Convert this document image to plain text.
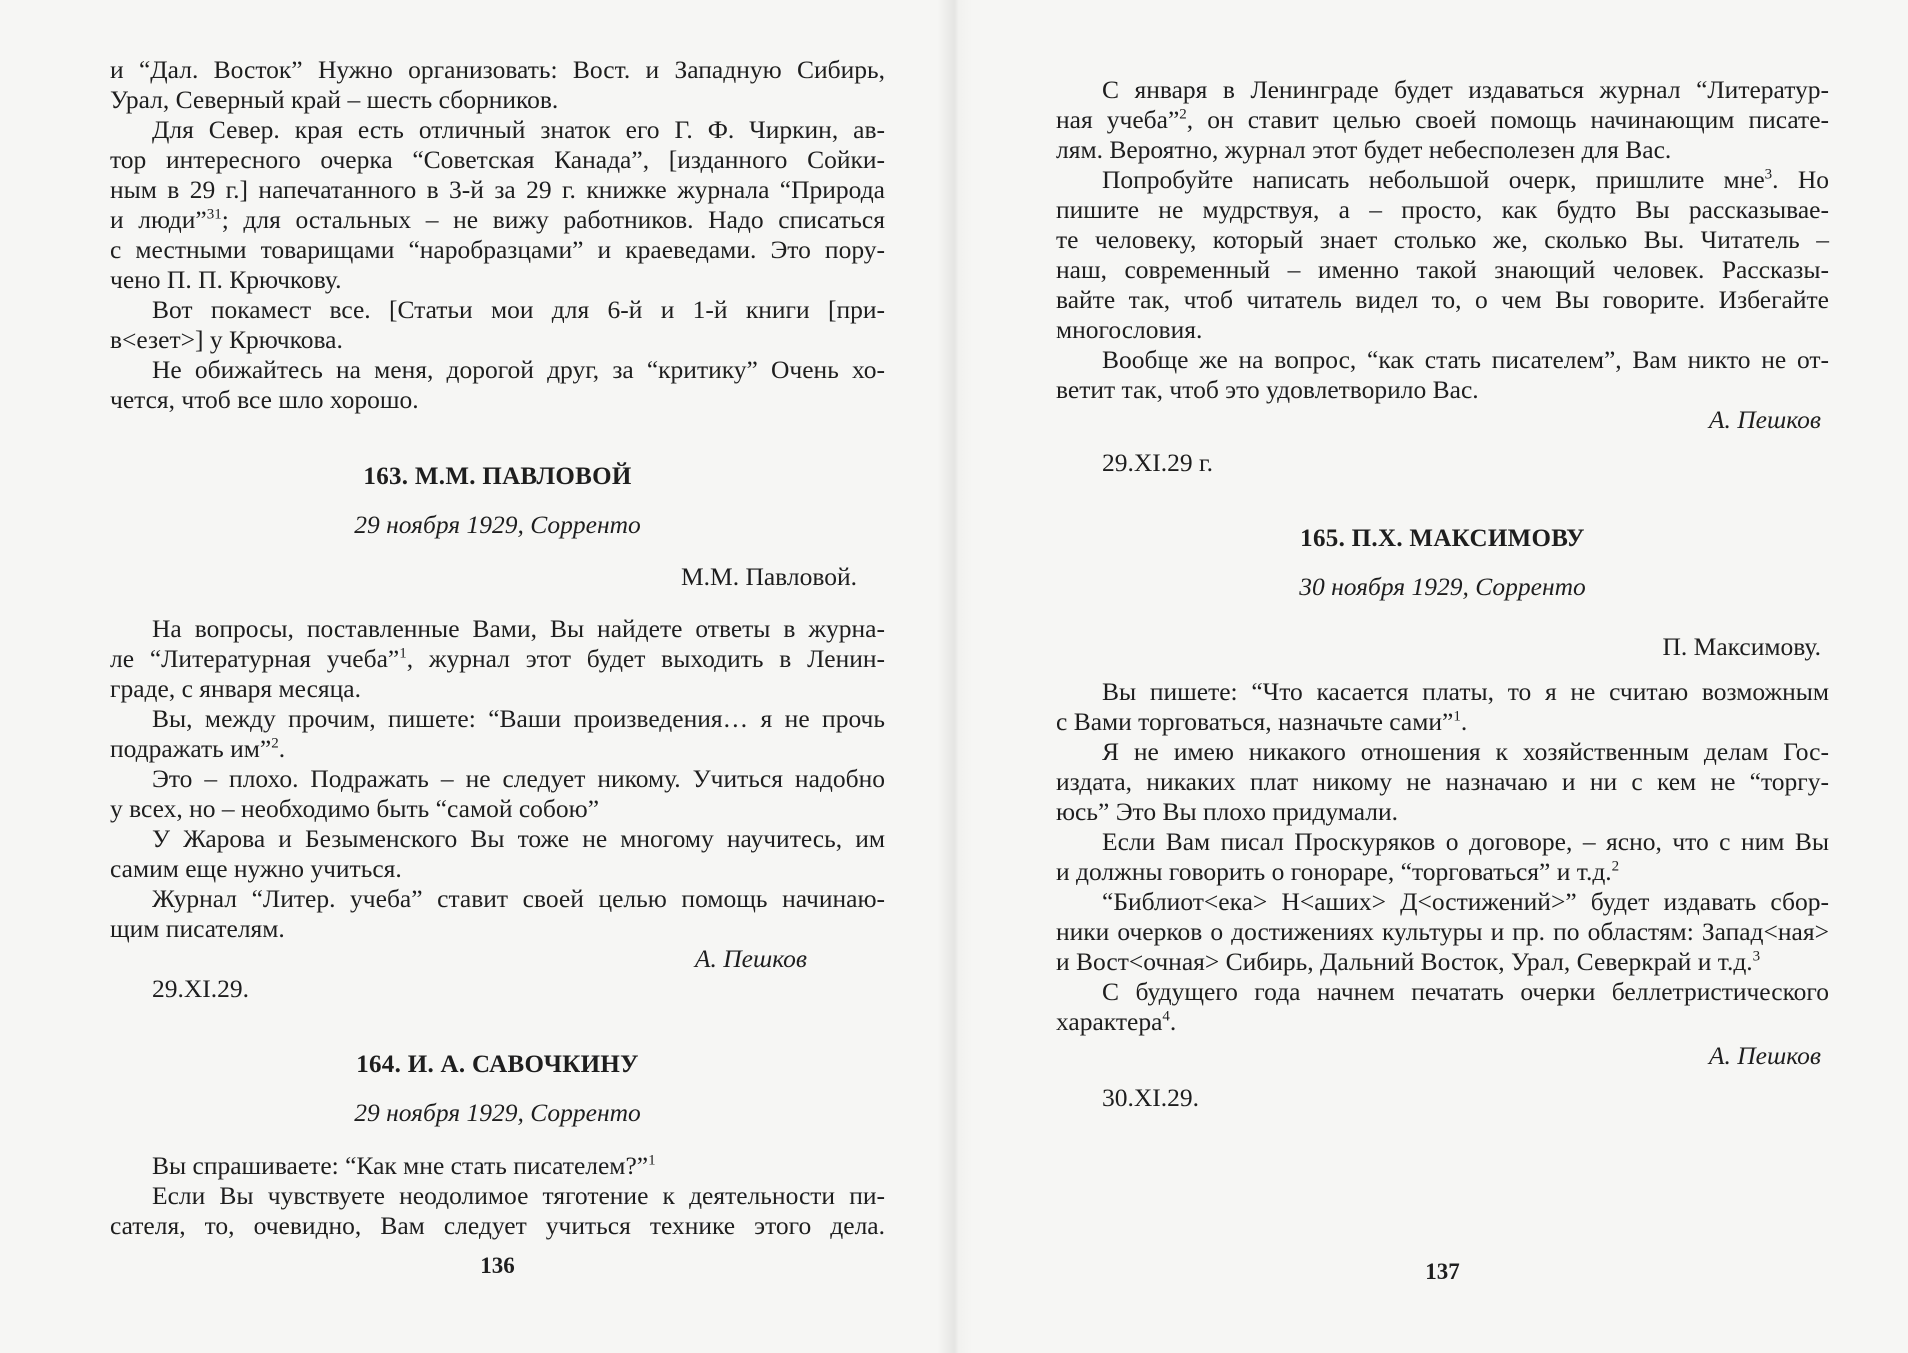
и “Дал. Восток” Нужно организовать: Вост. и Западную Сибирь,
Урал, Северный край – шесть сборников.
Для Север. края есть отличный знаток его Г. Ф. Чиркин, ав-
тор интересного очерка “Советская Канада”, [изданного Сойки-
ным в 29 г.] напечатанного в 3-й за 29 г. книжке журнала “Природа
и люди”$^{31}$; для остальных – не вижу работников. Надо списаться
с местными товарищами “наробразцами” и краеведами. Это пору-
чено П. П. Крючкову.
Вот покамест все. [Статьи мои для 6-й и 1-й книги [при-
в<езет>] у Крючкова.
Не обижайтесь на меня, дорогой друг, за “критику” Очень хо-
чется, чтоб все шло хорошо.
163. М.М. ПАВЛОВОЙ
29 ноября 1929, Сорренто
М.М. Павловой.
На вопросы, поставленные Вами, Вы найдете ответы в журна-
ле “Литературная учеба”$^1$, журнал этот будет выходить в Ленин-
граде, с января месяца.
Вы, между прочим, пишете: “Ваши произведения… я не прочь
подражать им”$^2$.
Это – плохо. Подражать – не следует никому. Учиться надобно
у всех, но – необходимо быть “самой собою”
У Жарова и Безыменского Вы тоже не многому научитесь, им
самим еще нужно учиться.
Журнал “Литер. учеба” ставит своей целью помощь начинаю-
щим писателям.
А. Пешков
29.XI.29.
164. И. А. САВОЧКИНУ
29 ноября 1929, Сорренто
Вы спрашиваете: “Как мне стать писателем?”$^1$
Если Вы чувствуете неодолимое тяготение к деятельности пи-
сателя, то, очевидно, Вам следует учиться технике этого дела.
136
С января в Ленинграде будет издаваться журнал “Литератур-
ная учеба”$^2$, он ставит целью своей помощь начинающим писате-
лям. Вероятно, журнал этот будет небесполезен для Вас.
Попробуйте написать небольшой очерк, пришлите мне$^3$. Но
пишите не мудрствуя, а – просто, как будто Вы рассказывае-
те человеку, который знает столько же, сколько Вы. Читатель –
наш, современный – именно такой знающий человек. Рассказы-
вайте так, чтоб читатель видел то, о чем Вы говорите. Избегайте
многословия.
Вообще же на вопрос, “как стать писателем”, Вам никто не от-
ветит так, чтоб это удовлетворило Вас.
А. Пешков
29.XI.29 г.
165. П.Х. МАКСИМОВУ
30 ноября 1929, Сорренто
П. Максимову.
Вы пишете: “Что касается платы, то я не считаю возможным
с Вами торговаться, назначьте сами”$^1$.
Я не имею никакого отношения к хозяйственным делам Гос-
издата, никаких плат никому не назначаю и ни с кем не “торгу-
юсь” Это Вы плохо придумали.
Если Вам писал Проскуряков о договоре, – ясно, что с ним Вы
и должны говорить о гонораре, “торговаться” и т.д.$^2$
“Библиот<ека> Н<аших> Д<остижений>” будет издавать сбор-
ники очерков о достижениях культуры и пр. по областям: Запад<ная>
и Вост<очная> Сибирь, Дальний Восток, Урал, Северкрай и т.д.$^3$
С будущего года начнем печатать очерки беллетристического
характера$^4$.
А. Пешков
30.XI.29.
137
